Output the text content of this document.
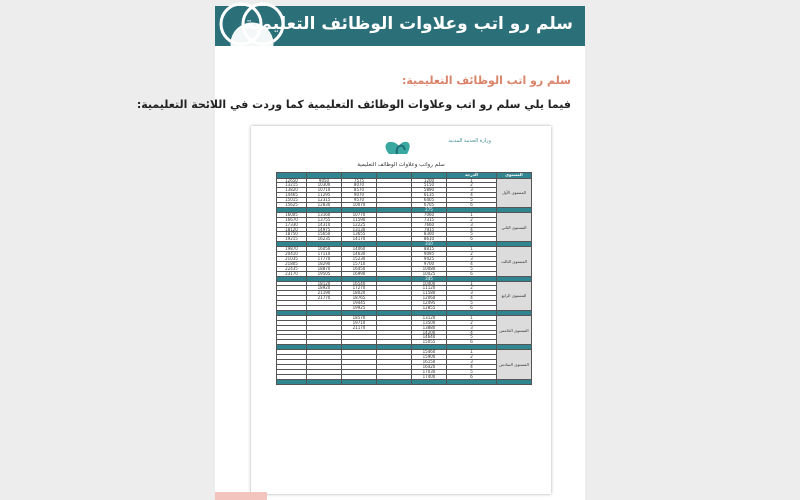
سلم رو اتب وعلاوات الوظائف التعليمية
سلم رو اتب الوظائف التعليمية:
فيما يلي سلم رو اتب وعلاوات الوظائف التعليمية كما وردت في اللائحة التعليمية:
وزارة الخدمة المدنية
سلم رواتب وعلاوات الوظائف التعليمية
					الدرجة	المستوى
12650	9050	7575		1200	1	المستوى الأول
13215	10300	8070		5150	2	
13820	10710	8570		5890	3	
14465	11295	9070		6135	4	
15015	12315	9570		6405	5	
15625	12830	10070		6705	6	
				275		
16005	13160	10770		7060	1	المستوى الثاني
16670	13755	11590		7315	2	
17330	14310	12225		7660	3	
18120	14975	13130		7915	4	
18750	15650	13655		8300	5	
19215	16235	14170		8610	6	
				310		
19870	16050	14060		8815	1	المستوى الثالث
20410	17110	14630		9095	2	
21035	17770	15230		9425	3	
21805	18290	15710		9700	4	
22435	18870	16450		10080	5	
23170	19505	16990		10425	6	
				345		
	18120	16540		10400	1	المستوى الرابع
	18920	17270		11120	2	
	21190	18020		11580	3	
	21770	18765		12060	4	
		19445		12495	5	
		19925		12855	6	

		18570		13120	1	المستوى الخامس
		19710		13500	2	
		21170		13880	3	
				14200	4	
				14640	5	
				15055	6	

				15460	1	المستوى السادس
				15900	2	
				16150	3	
				16420	4	
				17030	5	
				17400	6	
